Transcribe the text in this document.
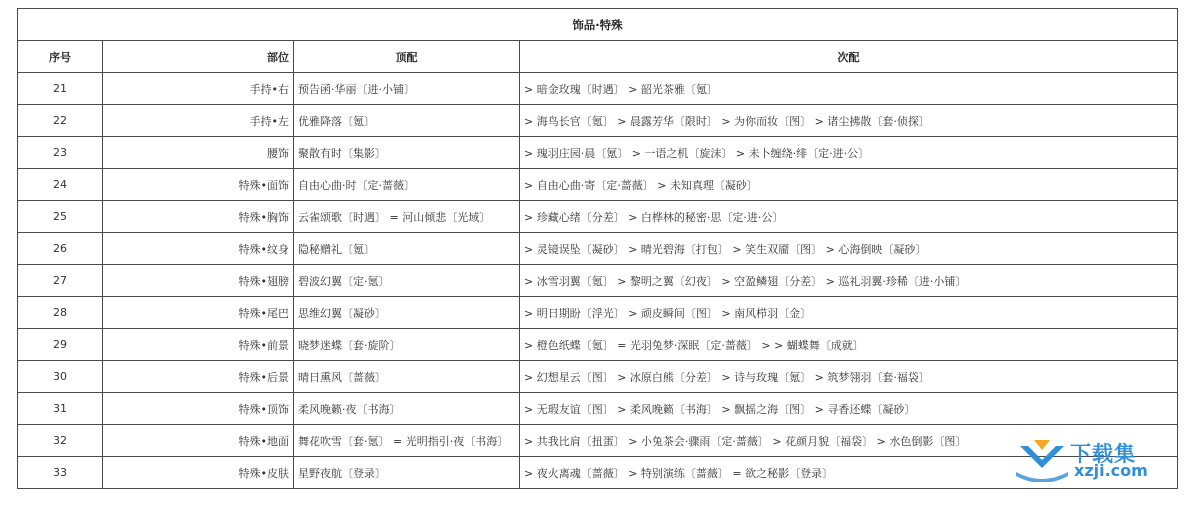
饰品·特殊			
序号	部位	顶配	次配
21	手持•右	预告函·华丽〔进·小铺〕	> 暗金玫瑰〔时遇〕 > 韶光茶雅〔氪〕
22	手持•左	优雅降落〔氪〕	> 海鸟长官〔氪〕 > 晨露芳华〔限时〕 > 为你而妆〔图〕 > 诸尘拂散〔套·侦探〕
23	腰饰	聚散有时〔集影〕	> 瑰羽庄园·晨〔氪〕 > 一语之机〔旋沫〕 > 未卜缠绕·绯〔定·进·公〕
24	特殊•面饰	自由心曲·时〔定·蔷薇〕	> 自由心曲·寄〔定·蔷薇〕 > 未知真理〔凝砂〕
25	特殊•胸饰	云雀颂歌〔时遇〕 = 河山倾悲〔光域〕	> 珍藏心绪〔分差〕 > 白桦林的秘密·思〔定·进·公〕
26	特殊•纹身	隐秘赠礼〔氪〕	> 灵镜误坠〔凝砂〕 > 晴光碧海〔打包〕 > 笑生双靥〔图〕 > 心海倒映〔凝砂〕
27	特殊•翅膀	碧波幻翼〔定·氪〕	> 冰雪羽翼〔氪〕 > 黎明之翼〔幻夜〕 > 空盈鳞翅〔分差〕 > 巡礼羽翼·珍稀〔进·小铺〕
28	特殊•尾巴	思维幻翼〔凝砂〕	> 明日期盼〔浮光〕 > 顽皮瞬间〔图〕 > 南风栉羽〔金〕
29	特殊•前景	晓梦迷蝶〔套·旋阶〕	> 橙色纸蝶〔氪〕 = 光羽兔梦·深眠〔定·蔷薇〕 > > 蝴蝶舞〔成就〕
30	特殊•后景	晴日熏风〔蔷薇〕	> 幻想星云〔图〕 > 冰原白熊〔分差〕 > 诗与玫瑰〔氪〕 > 筑梦翎羽〔套·福袋〕
31	特殊•顶饰	柔风晚籁·夜〔书海〕	> 无瑕友谊〔图〕 > 柔风晚籁〔书海〕 > 飘摇之海〔图〕 > 寻香还蝶〔凝砂〕
32	特殊•地面	舞花吹雪〔套·氪〕 = 光明指引·夜〔书海〕	> 共我比肩〔扭蛋〕 > 小兔茶会·骤雨〔定·蔷薇〕 > 花颜月貌〔福袋〕 > 水色倒影〔图〕
33	特殊•皮肤	星野夜航〔登录〕	> 夜火离魂〔蔷薇〕 > 特别演练〔蔷薇〕 = 欲之秘影〔登录〕
下载集
xzji.com
